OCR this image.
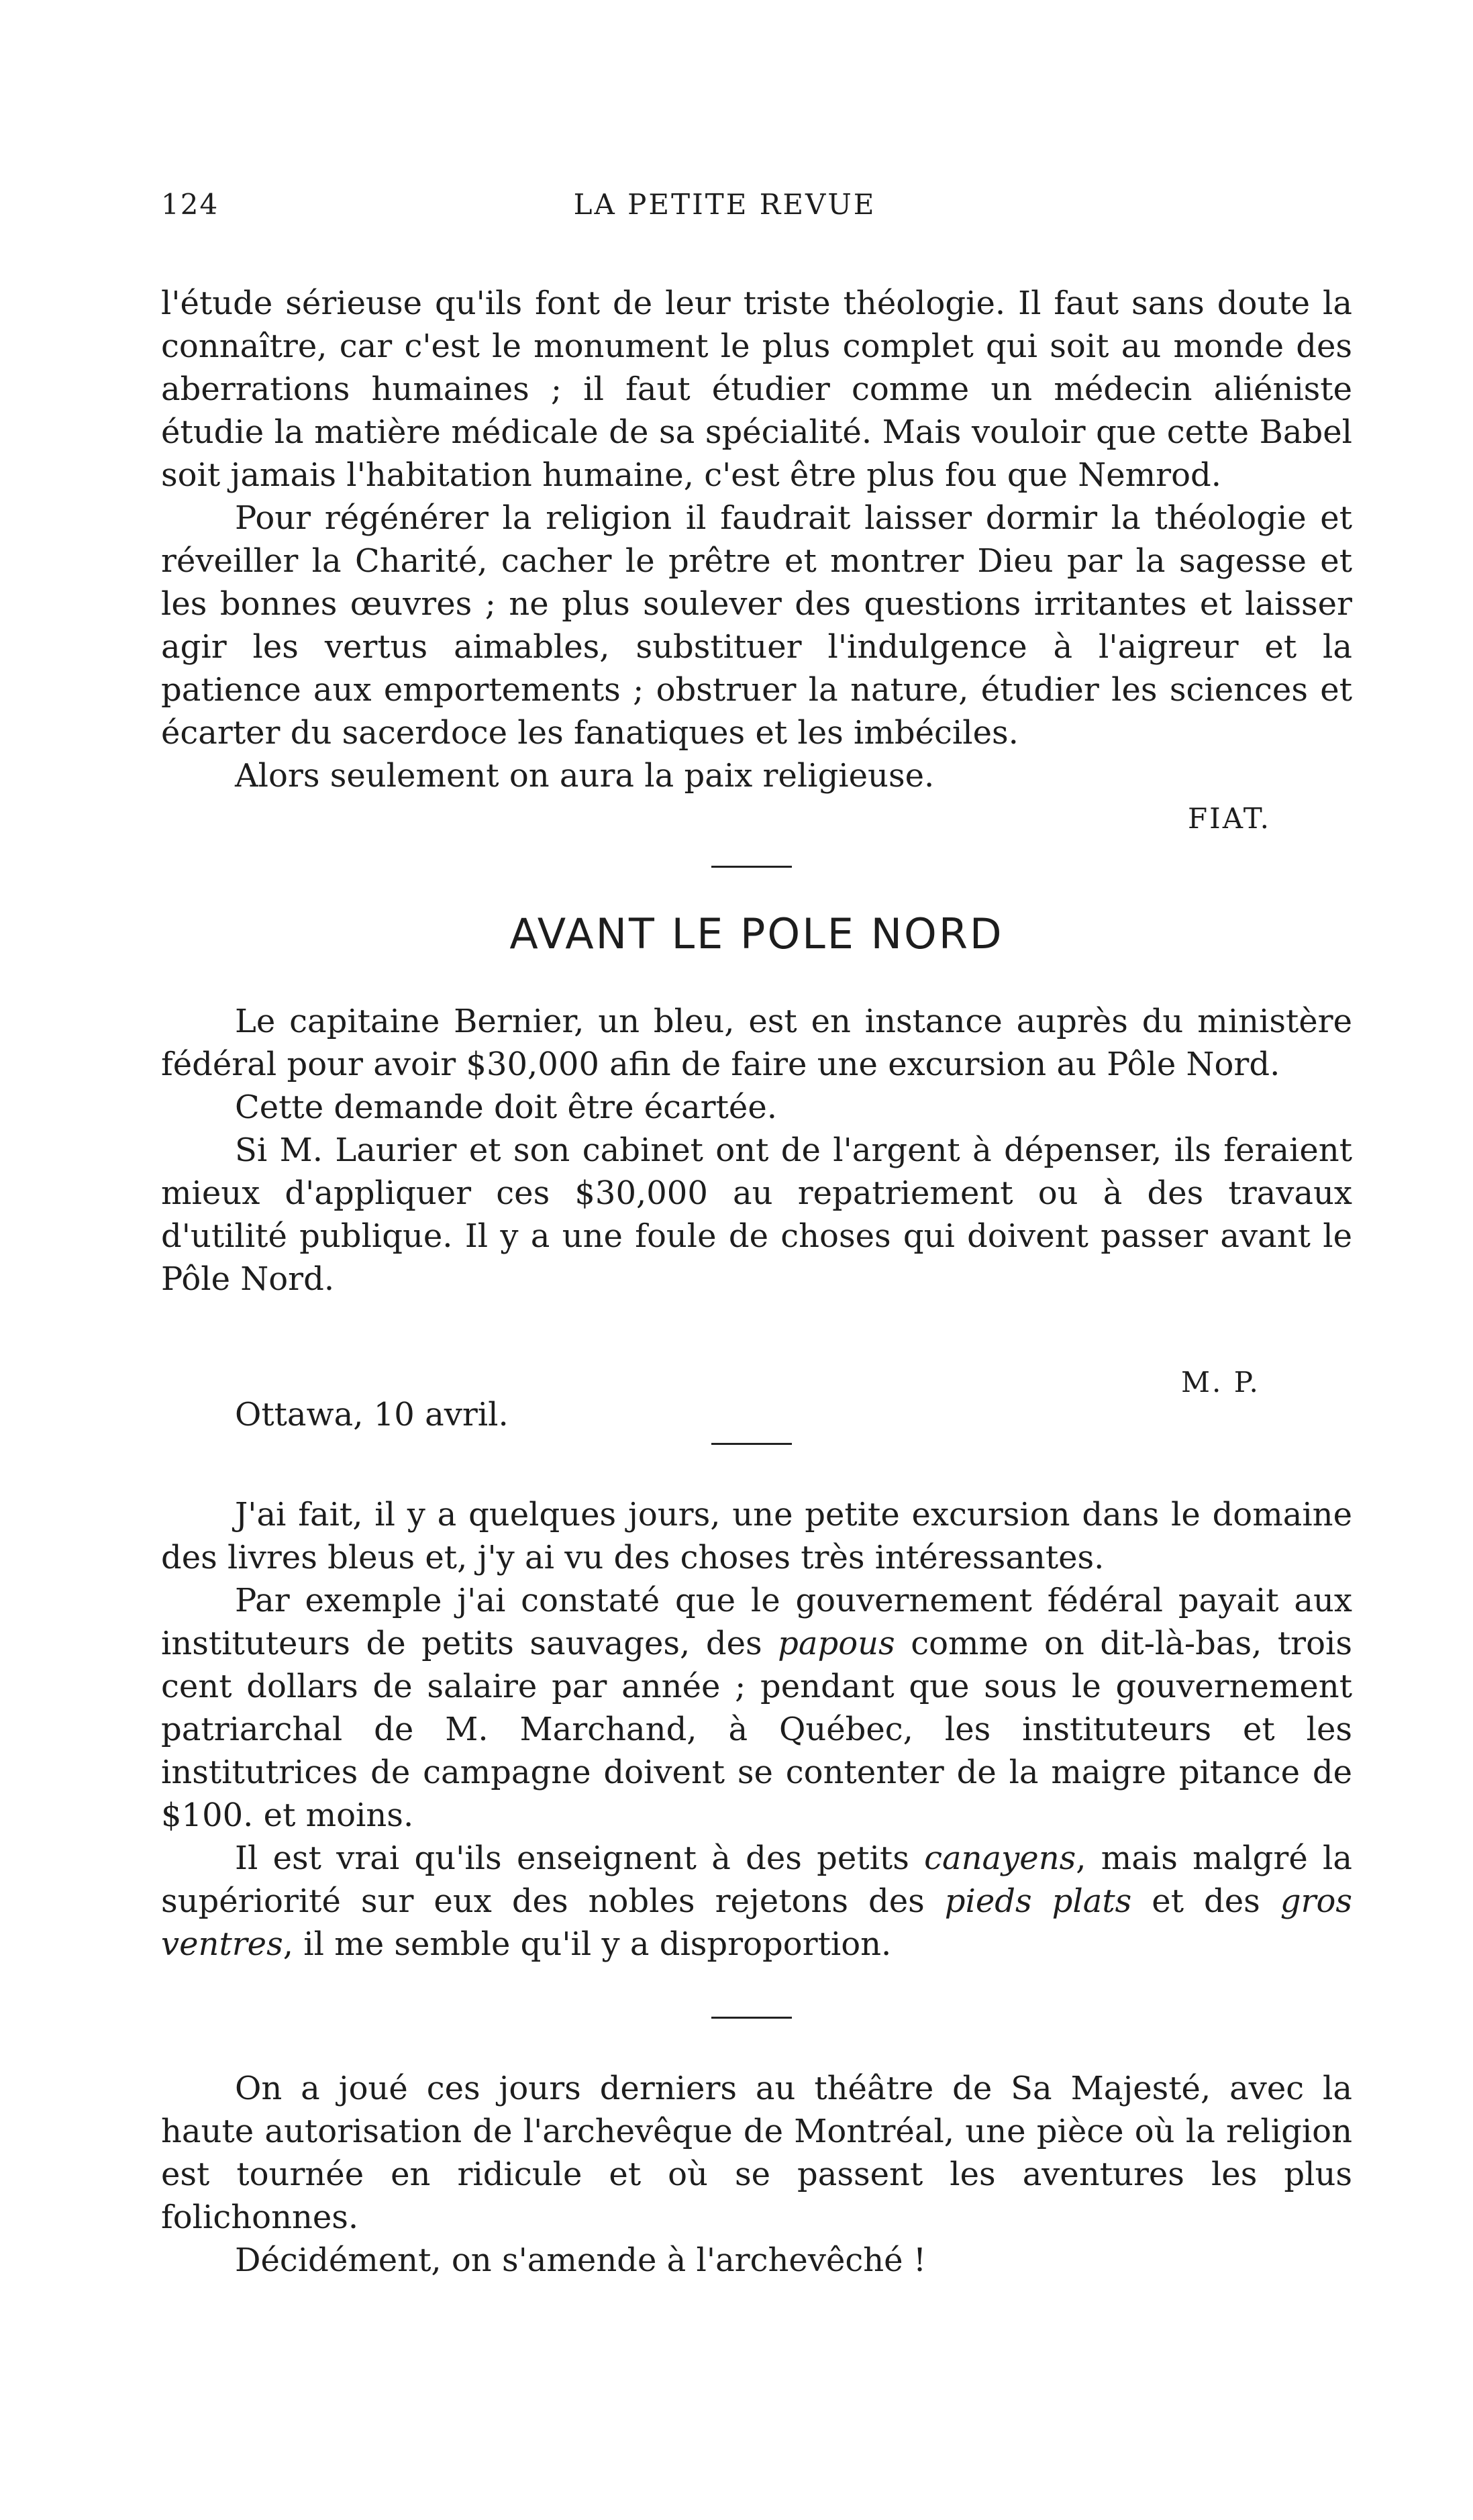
124	LA PETITE REVUE

l'étude sérieuse qu'ils font de leur triste théologie. Il faut sans doute la connaître, car c'est le monument le plus complet qui soit au monde des aberrations humaines ; il faut étudier comme un médecin aliéniste étudie la matière médicale de sa spécialité. Mais vouloir que cette Babel soit jamais l'habitation humaine, c'est être plus fou que Nemrod.

Pour régénérer la religion il faudrait laisser dormir la théologie et réveiller la Charité, cacher le prêtre et montrer Dieu par la sagesse et les bonnes œuvres ; ne plus soulever des questions irritantes et laisser agir les vertus aimables, substituer l'indulgence à l'aigreur et la patience aux emportements ; obstruer la nature, étudier les sciences et écarter du sacerdoce les fanatiques et les imbéciles.

Alors seulement on aura la paix religieuse.

FIAT.
AVANT LE POLE NORD

Le capitaine Bernier, un bleu, est en instance auprès du ministère fédéral pour avoir $30,000 afin de faire une excursion au Pôle Nord.

Cette demande doit être écartée.

Si M. Laurier et son cabinet ont de l'argent à dépenser, ils feraient mieux d'appliquer ces $30,000 au repatriement ou à des travaux d'utilité publique. Il y a une foule de choses qui doivent passer avant le Pôle Nord.

M. P.
Ottawa, 10 avril.

J'ai fait, il y a quelques jours, une petite excursion dans le domaine des livres bleus et, j'y ai vu des choses très intéressantes.

Par exemple j'ai constaté que le gouvernement fédéral payait aux instituteurs de petits sauvages, des papous comme on dit-là-bas, trois cent dollars de salaire par année ; pendant que sous le gouvernement patriarchal de M. Marchand, à Québec, les instituteurs et les institutrices de campagne doivent se contenter de la maigre pitance de $100. et moins.

Il est vrai qu'ils enseignent à des petits canayens, mais malgré la supériorité sur eux des nobles rejetons des pieds plats et des gros ventres, il me semble qu'il y a disproportion.

On a joué ces jours derniers au théâtre de Sa Majesté, avec la haute autorisation de l'archevêque de Montréal, une pièce où la religion est tournée en ridicule et où se passent les aventures les plus folichonnes.

Décidément, on s'amende à l'archevêché !
